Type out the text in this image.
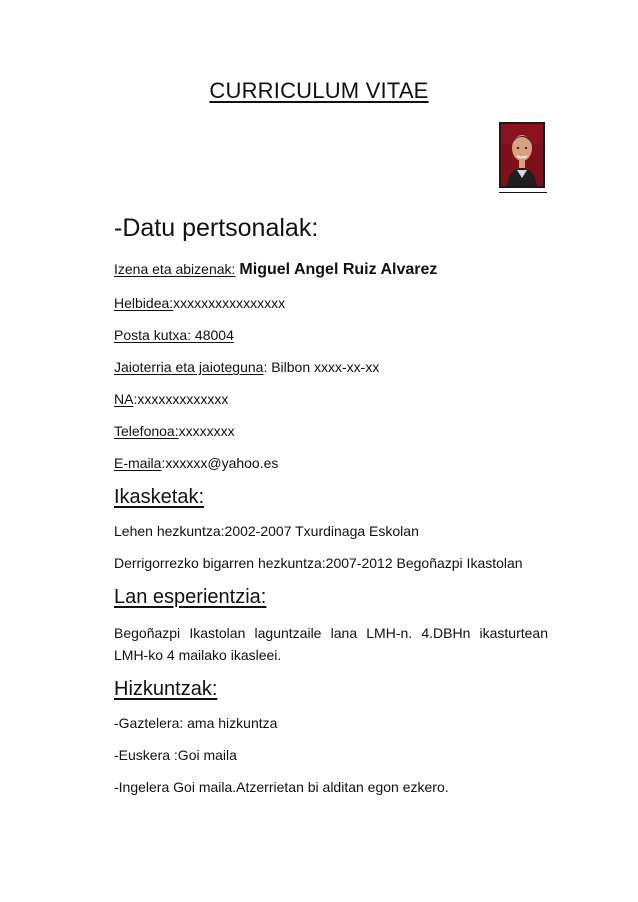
CURRICULUM VITAE
-Datu pertsonalak:
Izena eta abizenak: Miguel Angel Ruiz Alvarez
Helbidea:xxxxxxxxxxxxxxxx
Posta kutxa: 48004
Jaioterria eta jaioteguna: Bilbon xxxx-xx-xx
NA:xxxxxxxxxxxxx
Telefonoa:xxxxxxxx
E-maila:xxxxxx@yahoo.es
Ikasketak:
Lehen hezkuntza:2002-2007 Txurdinaga Eskolan
Derrigorrezko bigarren hezkuntza:2007-2012 Begoñazpi Ikastolan
Lan esperientzia:
Begoñazpi Ikastolan laguntzaile lana LMH-n. 4.DBHn ikasturtean LMH-ko 4 mailako ikasleei.
Hizkuntzak:
-Gaztelera: ama hizkuntza
-Euskera :Goi maila
-Ingelera Goi maila.Atzerrietan bi alditan egon ezkero.
